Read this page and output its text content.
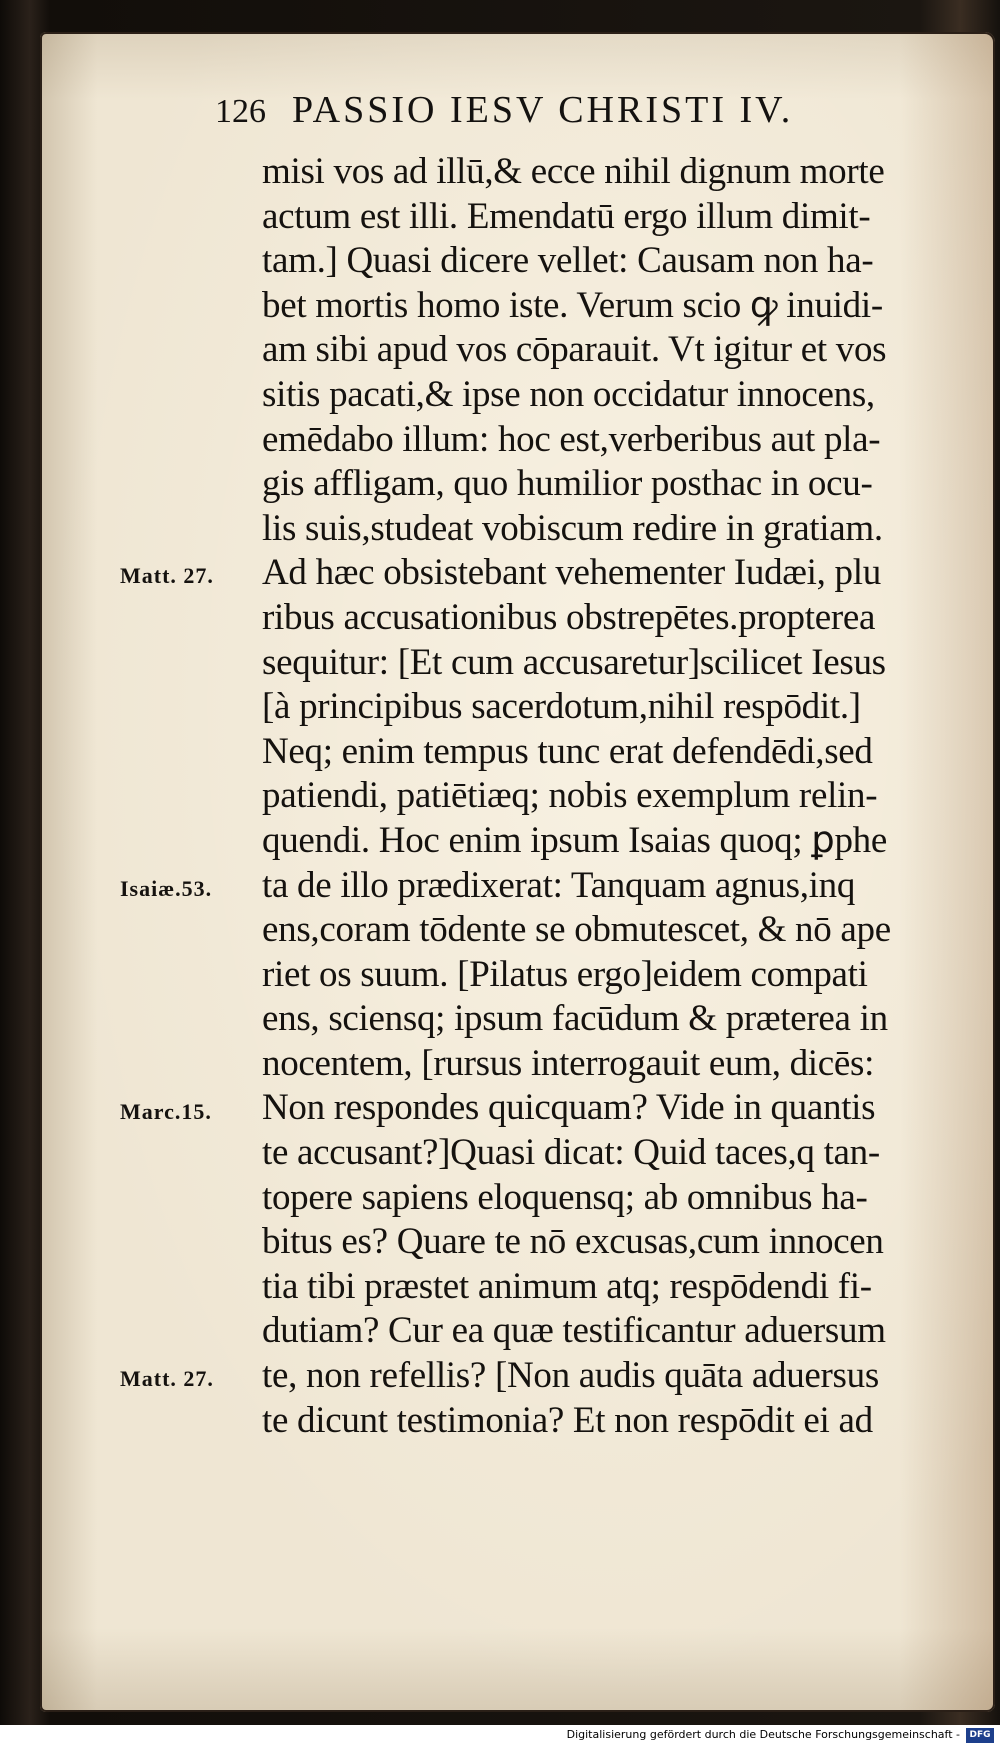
126 PASSIO IESV CHRISTI IV.
misi vos ad illū,& ecce nihil dignum morte
actum est illi. Emendatū ergo illum dimit-
tam.] Quasi dicere vellet: Causam non ha-
bet mortis homo iste. Verum scio ꝙ inuidi-
am sibi apud vos cōparauit. Vt igitur et vos
sitis pacati,& ipse non occidatur innocens,
emēdabo illum: hoc est,verberibus aut pla-
gis affligam, quo humilior posthac in ocu-
lis suis,studeat vobiscum redire in gratiam.
Ad hæc obsistebant vehementer Iudæi, plu
ribus accusationibus obstrepētes.propterea
sequitur: [Et cum accusaretur]scilicet Iesus
[à principibus sacerdotum,nihil respōdit.]
Neq; enim tempus tunc erat defendēdi,sed
patiendi, patiētiæq; nobis exemplum relin-
quendi. Hoc enim ipsum Isaias quoq; ꝑphe
ta de illo prædixerat: Tanquam agnus,inq
ens,coram tōdente se obmutescet, & nō ape
riet os suum. [Pilatus ergo]eidem compati
ens, sciensq; ipsum facūdum & præterea in
nocentem, [rursus interrogauit eum, dicēs:
Non respondes quicquam? Vide in quantis
te accusant?]Quasi dicat: Quid taces,q tan-
topere sapiens eloquensq; ab omnibus ha-
bitus es? Quare te nō excusas,cum innocen
tia tibi præstet animum atq; respōdendi fi-
dutiam? Cur ea quæ testificantur aduersum
te, non refellis? [Non audis quāta aduersus
te dicunt testimonia? Et non respōdit ei ad
Matt. 27.
Isaiæ.53.
Marc.15.
Matt. 27.
Digitalisierung gefördert durch die Deutsche Forschungsgemeinschaft -	DFG
